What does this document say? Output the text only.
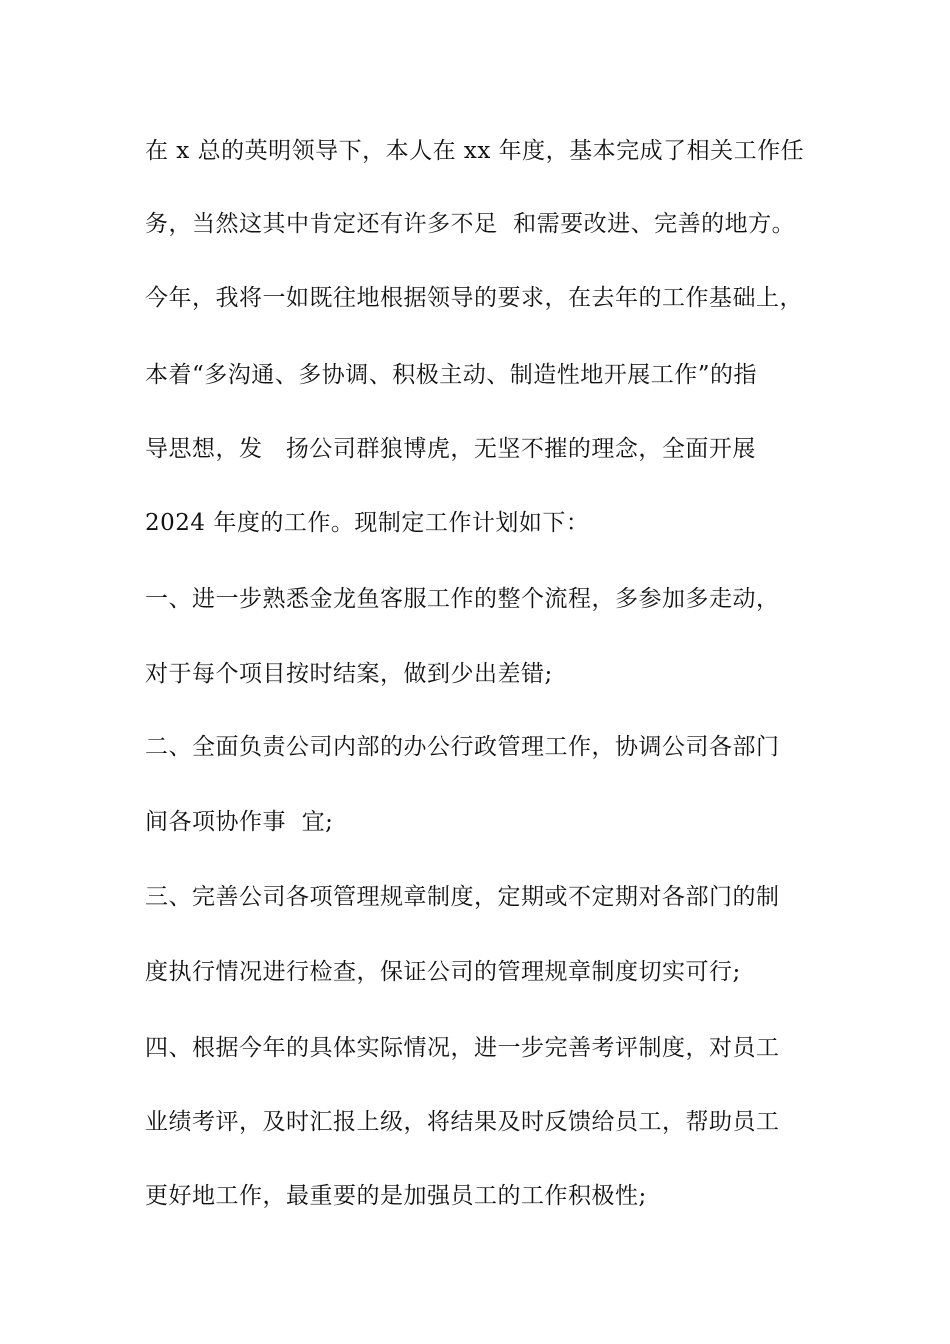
在 x 总的英明领导下，本人在 xx 年度，基本完成了相关工作任
务，当然这其中肯定还有许多不足  和需要改进、完善的地方。
今年，我将一如既往地根据领导的要求，在去年的工作基础上，
本着“多沟通、多协调、积极主动、制造性地开展工作”的指
导思想，发   扬公司群狼博虎，无坚不摧的理念，全面开展
2024 年度的工作。现制定工作计划如下：
一、进一步熟悉金龙鱼客服工作的整个流程，多参加多走动，
对于每个项目按时结案，做到少出差错;
二、全面负责公司内部的办公行政管理工作，协调公司各部门
间各项协作事  宜;
三、完善公司各项管理规章制度，定期或不定期对各部门的制
度执行情况进行检查，保证公司的管理规章制度切实可行;
四、根据今年的具体实际情况，进一步完善考评制度，对员工
业绩考评，及时汇报上级，将结果及时反馈给员工，帮助员工
更好地工作，最重要的是加强员工的工作积极性;
